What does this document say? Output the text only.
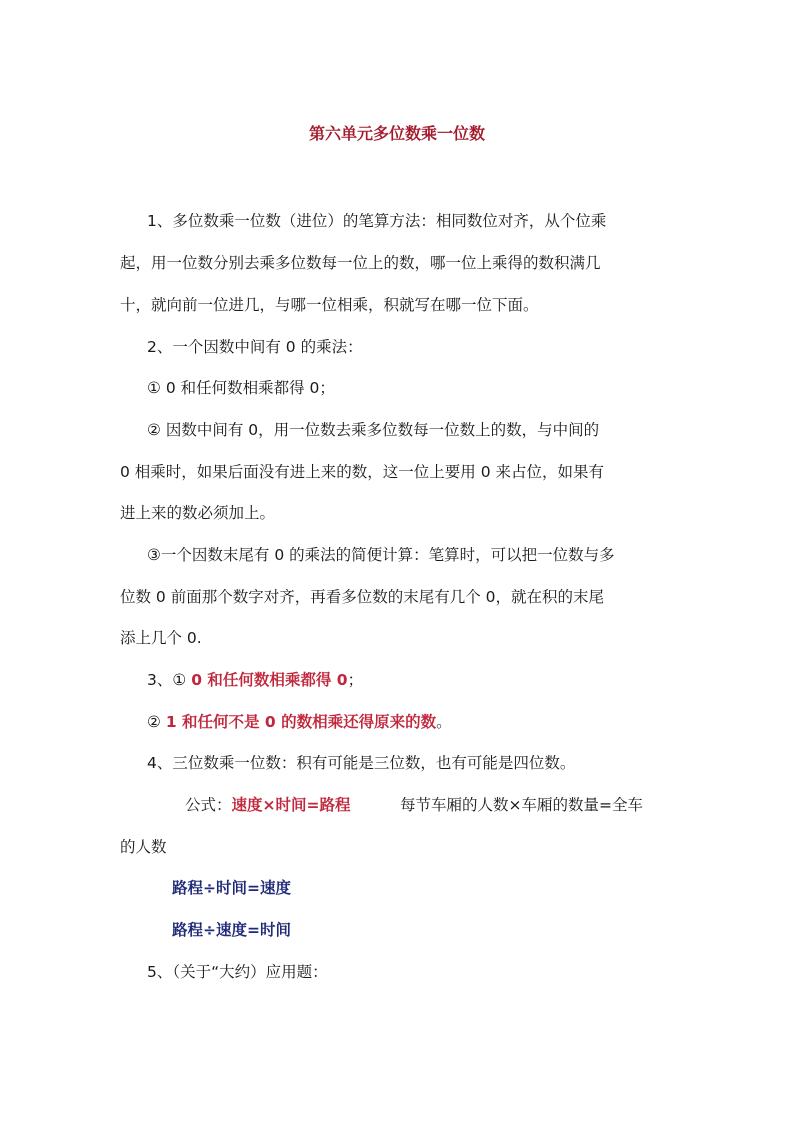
第六单元多位数乘一位数
1、多位数乘一位数（进位）的笔算方法：相同数位对齐，从个位乘
起，用一位数分别去乘多位数每一位上的数，哪一位上乘得的数积满几
十，就向前一位进几，与哪一位相乘，积就写在哪一位下面。
2、一个因数中间有 0 的乘法：
① 0 和任何数相乘都得 0；
② 因数中间有 0，用一位数去乘多位数每一位数上的数，与中间的
0 相乘时，如果后面没有进上来的数，这一位上要用 0 来占位，如果有
进上来的数必须加上。
③一个因数末尾有 0 的乘法的简便计算：笔算时，可以把一位数与多
位数 0 前面那个数字对齐，再看多位数的末尾有几个 0，就在积的末尾
添上几个 0.
3、① 0 和任何数相乘都得 0；
② 1 和任何不是 0 的数相乘还得原来的数。
4、三位数乘一位数：积有可能是三位数，也有可能是四位数。
公式：速度×时间=路程	每节车厢的人数×车厢的数量=全车
的人数
路程÷时间=速度
路程÷速度=时间
5、（关于“大约）应用题：
